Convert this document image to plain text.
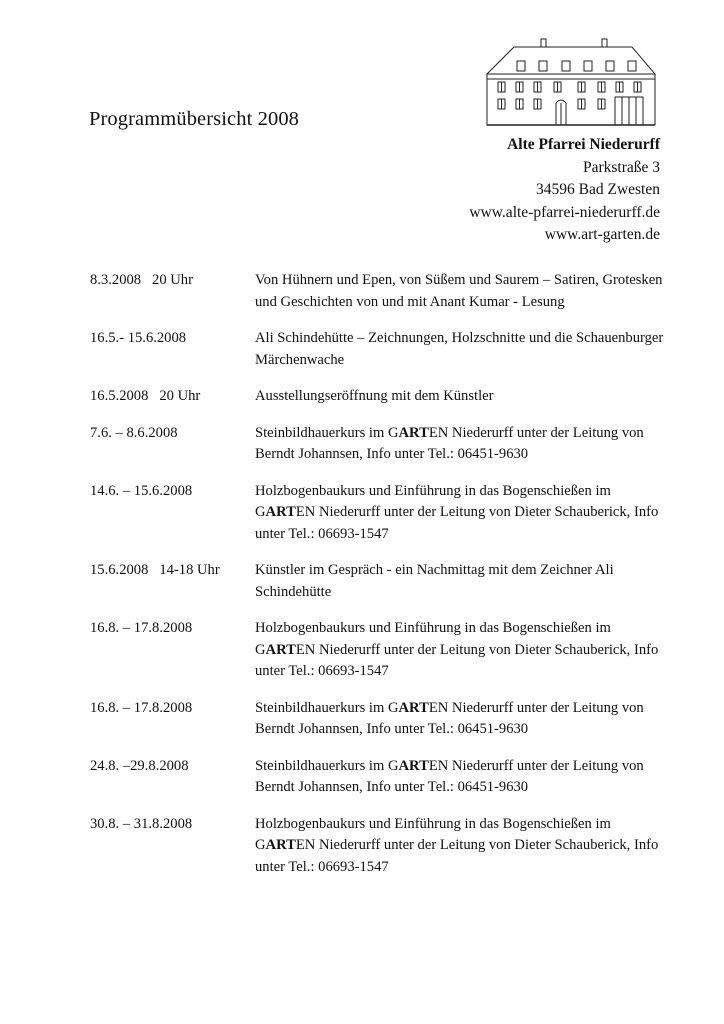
Programmübersicht 2008
Alte Pfarrei Niederurff
Parkstraße 3
34596 Bad Zwesten
www.alte-pfarrei-niederurff.de
www.art-garten.de
8.3.2008   20 Uhr	Von Hühnern und Epen, von Süßem und Saurem – Satiren, Grotesken und Geschichten von und mit Anant Kumar - Lesung
16.5.- 15.6.2008	Ali Schindehütte – Zeichnungen, Holzschnitte und die Schauenburger Märchenwache
16.5.2008   20 Uhr	Ausstellungseröffnung mit dem Künstler
7.6. – 8.6.2008	Steinbildhauerkurs im GARTEN Niederurff unter der Leitung von Berndt Johannsen, Info unter Tel.: 06451-9630
14.6. – 15.6.2008	Holzbogenbaukurs und Einführung in das Bogenschießen im GARTEN Niederurff unter der Leitung von Dieter Schauberick, Info unter Tel.: 06693-1547
15.6.2008   14-18 Uhr	Künstler im Gespräch - ein Nachmittag mit dem Zeichner Ali Schindehütte
16.8. – 17.8.2008	Holzbogenbaukurs und Einführung in das Bogenschießen im GARTEN Niederurff unter der Leitung von Dieter Schauberick, Info unter Tel.: 06693-1547
16.8. – 17.8.2008	Steinbildhauerkurs im GARTEN Niederurff unter der Leitung von Berndt Johannsen, Info unter Tel.: 06451-9630
24.8. –29.8.2008	Steinbildhauerkurs im GARTEN Niederurff unter der Leitung von Berndt Johannsen, Info unter Tel.: 06451-9630
30.8. – 31.8.2008	Holzbogenbaukurs und Einführung in das Bogenschießen im GARTEN Niederurff unter der Leitung von Dieter Schauberick, Info unter Tel.: 06693-1547
